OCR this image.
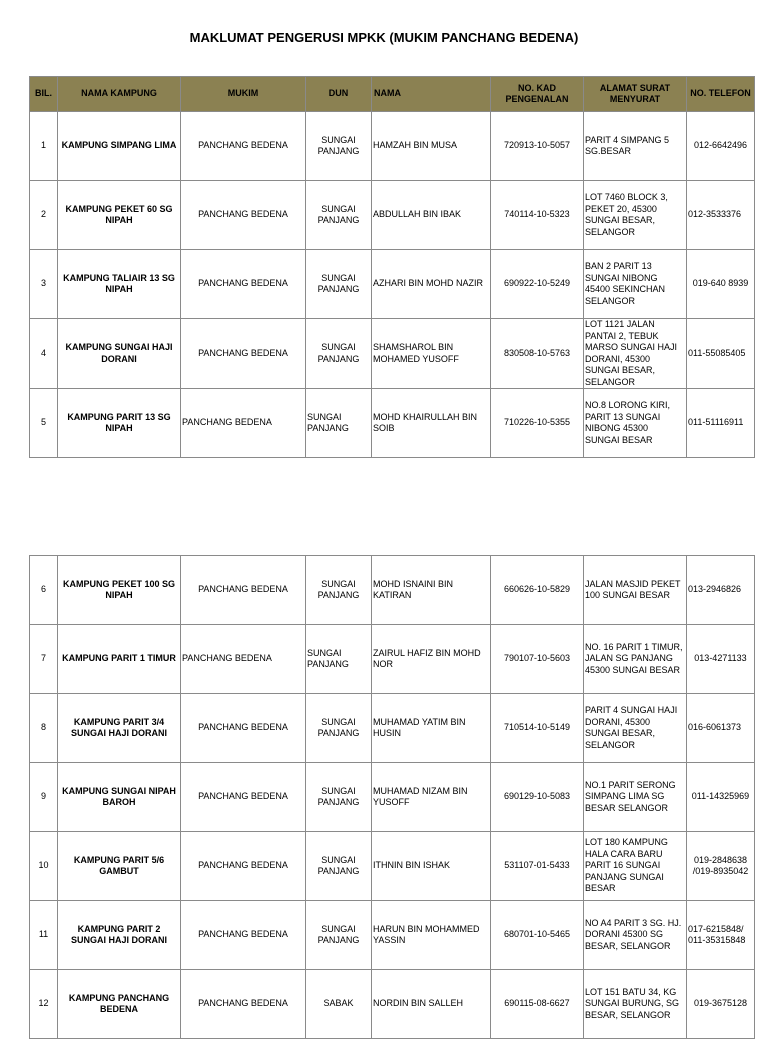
MAKLUMAT PENGERUSI MPKK (MUKIM PANCHANG BEDENA)
BIL.	NAMA KAMPUNG	MUKIM	DUN	NAMA	NO. KAD PENGENALAN	ALAMAT SURAT MENYURAT	NO. TELEFON
1	KAMPUNG SIMPANG LIMA	PANCHANG BEDENA	SUNGAI PANJANG	HAMZAH BIN MUSA	720913-10-5057	PARIT 4 SIMPANG 5 SG.BESAR	012-6642496
2	KAMPUNG PEKET 60 SG NIPAH	PANCHANG BEDENA	SUNGAI PANJANG	ABDULLAH BIN IBAK	740114-10-5323	LOT 7460 BLOCK 3, PEKET 20, 45300 SUNGAI BESAR, SELANGOR	012-3533376
3	KAMPUNG TALIAIR 13 SG NIPAH	PANCHANG BEDENA	SUNGAI PANJANG	AZHARI BIN MOHD NAZIR	690922-10-5249	BAN 2 PARIT 13 SUNGAI NIBONG 45400 SEKINCHAN SELANGOR	019-640 8939
4	KAMPUNG SUNGAI HAJI DORANI	PANCHANG BEDENA	SUNGAI PANJANG	SHAMSHAROL BIN MOHAMED YUSOFF	830508-10-5763	LOT 1121 JALAN PANTAI 2, TEBUK MARSO SUNGAI HAJI DORANI, 45300 SUNGAI BESAR, SELANGOR	011-55085405
5	KAMPUNG PARIT 13 SG NIPAH	PANCHANG BEDENA	SUNGAI PANJANG	MOHD KHAIRULLAH BIN SOIB	710226-10-5355	NO.8 LORONG KIRI, PARIT 13 SUNGAI NIBONG 45300 SUNGAI BESAR	011-51116911
6	KAMPUNG PEKET 100 SG NIPAH	PANCHANG BEDENA	SUNGAI PANJANG	MOHD ISNAINI BIN KATIRAN	660626-10-5829	JALAN MASJID PEKET 100 SUNGAI BESAR	013-2946826
7	KAMPUNG PARIT 1 TIMUR	PANCHANG BEDENA	SUNGAI PANJANG	ZAIRUL HAFIZ BIN MOHD NOR	790107-10-5603	NO. 16 PARIT 1 TIMUR, JALAN SG PANJANG 45300 SUNGAI BESAR	013-4271133
8	KAMPUNG PARIT 3/4 SUNGAI HAJI DORANI	PANCHANG BEDENA	SUNGAI PANJANG	MUHAMAD YATIM BIN HUSIN	710514-10-5149	PARIT 4 SUNGAI HAJI DORANI, 45300 SUNGAI BESAR, SELANGOR	016-6061373
9	KAMPUNG SUNGAI NIPAH BAROH	PANCHANG BEDENA	SUNGAI PANJANG	MUHAMAD NIZAM BIN YUSOFF	690129-10-5083	NO.1 PARIT SERONG SIMPANG LIMA SG BESAR SELANGOR	011-14325969
10	KAMPUNG PARIT 5/6 GAMBUT	PANCHANG BEDENA	SUNGAI PANJANG	ITHNIN BIN ISHAK	531107-01-5433	LOT 180 KAMPUNG HALA CARA BARU PARIT 16 SUNGAI PANJANG SUNGAI BESAR	019-2848638 /019-8935042
11	KAMPUNG PARIT 2 SUNGAI HAJI DORANI	PANCHANG BEDENA	SUNGAI PANJANG	HARUN BIN MOHAMMED YASSIN	680701-10-5465	NO A4 PARIT 3 SG. HJ. DORANI 45300 SG BESAR, SELANGOR	017-6215848/ 011-35315848
12	KAMPUNG PANCHANG BEDENA	PANCHANG BEDENA	SABAK	NORDIN BIN SALLEH	690115-08-6627	LOT 151 BATU 34, KG SUNGAI BURUNG, SG BESAR, SELANGOR	019-3675128
